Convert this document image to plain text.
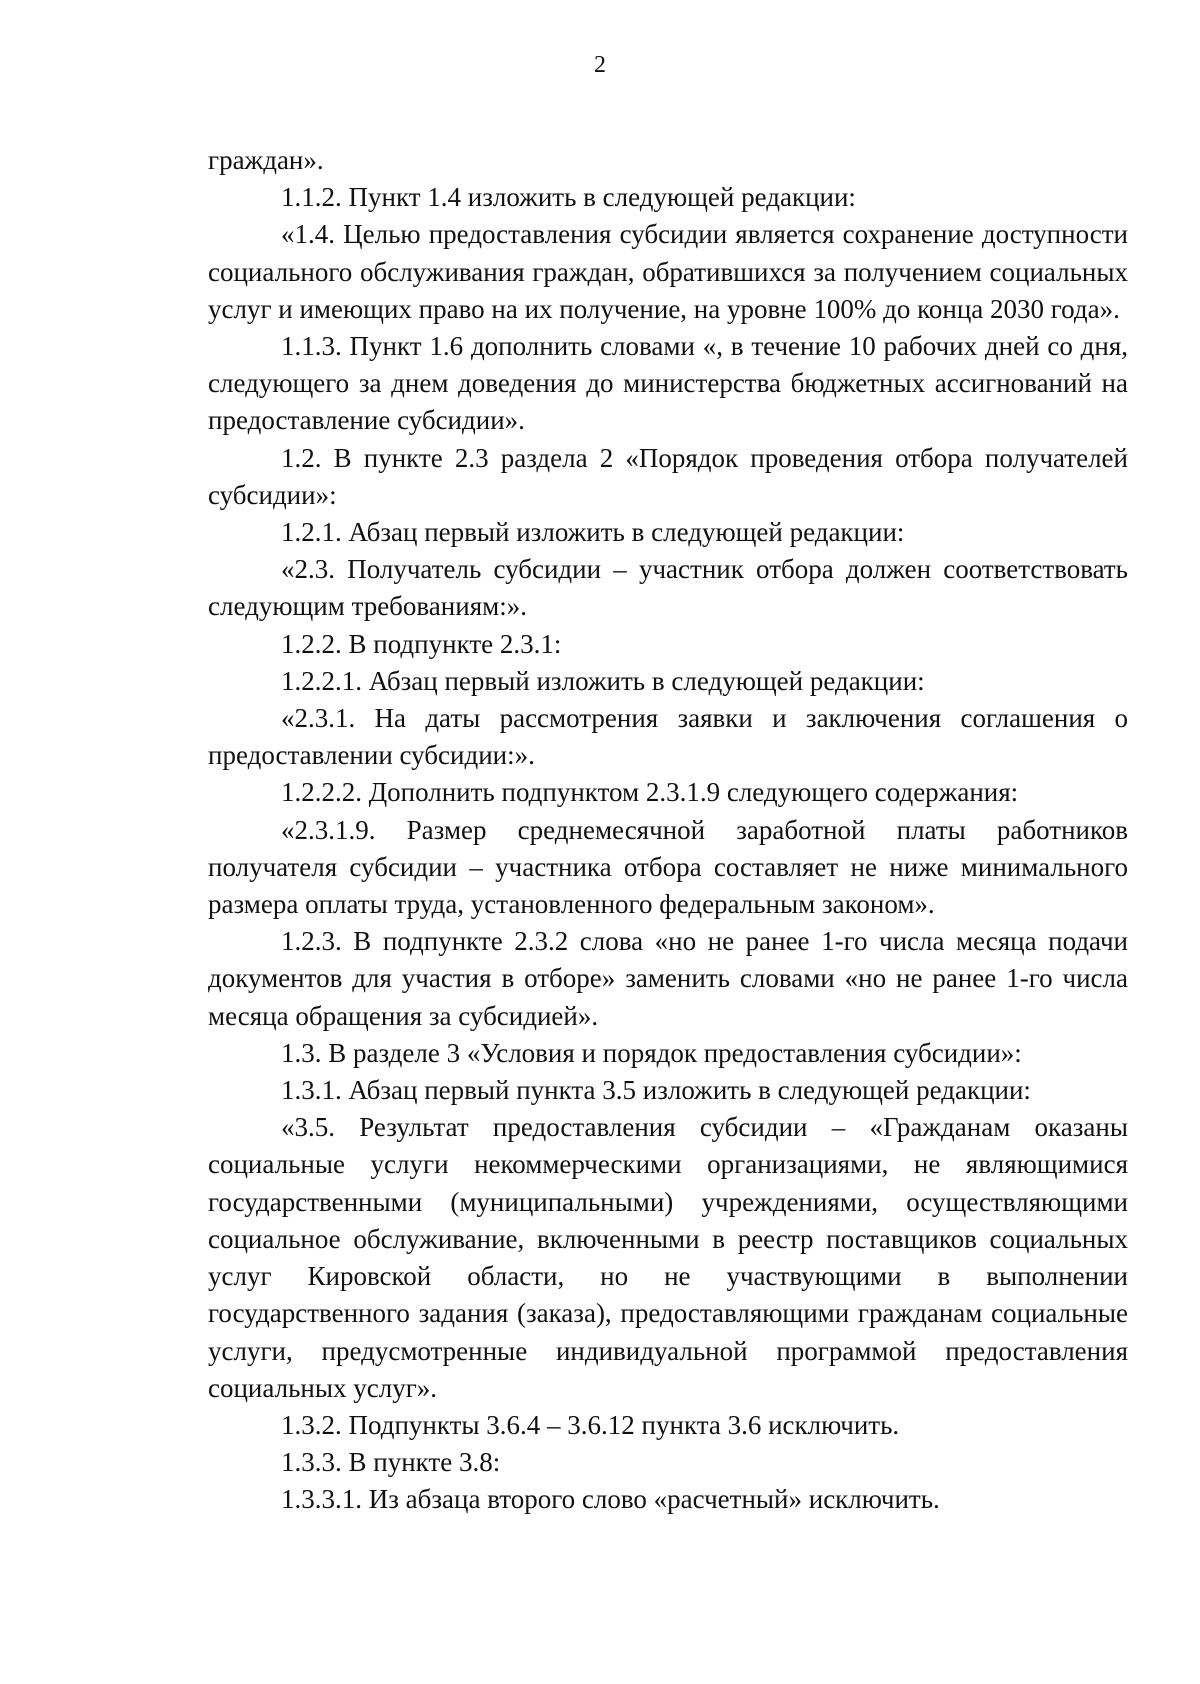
2

граждан».

1.1.2. Пункт 1.4 изложить в следующей редакции:

«1.4. Целью предоставления субсидии является сохранение доступности социального обслуживания граждан, обратившихся за получением социальных услуг и имеющих право на их получение, на уровне 100% до конца 2030 года».

1.1.3. Пункт 1.6 дополнить словами «, в течение 10 рабочих дней со дня, следующего за днем доведения до министерства бюджетных ассигнований на предоставление субсидии».

1.2. В пункте 2.3 раздела 2 «Порядок проведения отбора получателей субсидии»:

1.2.1. Абзац первый изложить в следующей редакции:

«2.3. Получатель субсидии – участник отбора должен соответствовать следующим требованиям:».

1.2.2. В подпункте 2.3.1:

1.2.2.1. Абзац первый изложить в следующей редакции:

«2.3.1. На даты рассмотрения заявки и заключения соглашения о предоставлении субсидии:».

1.2.2.2. Дополнить подпунктом 2.3.1.9 следующего содержания:

«2.3.1.9. Размер среднемесячной заработной платы работников получателя субсидии – участника отбора составляет не ниже минимального размера оплаты труда, установленного федеральным законом».

1.2.3. В подпункте 2.3.2 слова «но не ранее 1-го числа месяца подачи документов для участия в отборе» заменить словами «но не ранее 1-го числа месяца обращения за субсидией».

1.3. В разделе 3 «Условия и порядок предоставления субсидии»:

1.3.1. Абзац первый пункта 3.5 изложить в следующей редакции:

«3.5. Результат предоставления субсидии – «Гражданам оказаны социальные услуги некоммерческими организациями, не являющимися государственными (муниципальными) учреждениями, осуществляющими социальное обслуживание, включенными в реестр поставщиков социальных услуг Кировской области, но не участвующими в выполнении государственного задания (заказа), предоставляющими гражданам социальные услуги, предусмотренные индивидуальной программой предоставления социальных услуг».

1.3.2. Подпункты 3.6.4 – 3.6.12 пункта 3.6 исключить.

1.3.3. В пункте 3.8:

1.3.3.1. Из абзаца второго слово «расчетный» исключить.
